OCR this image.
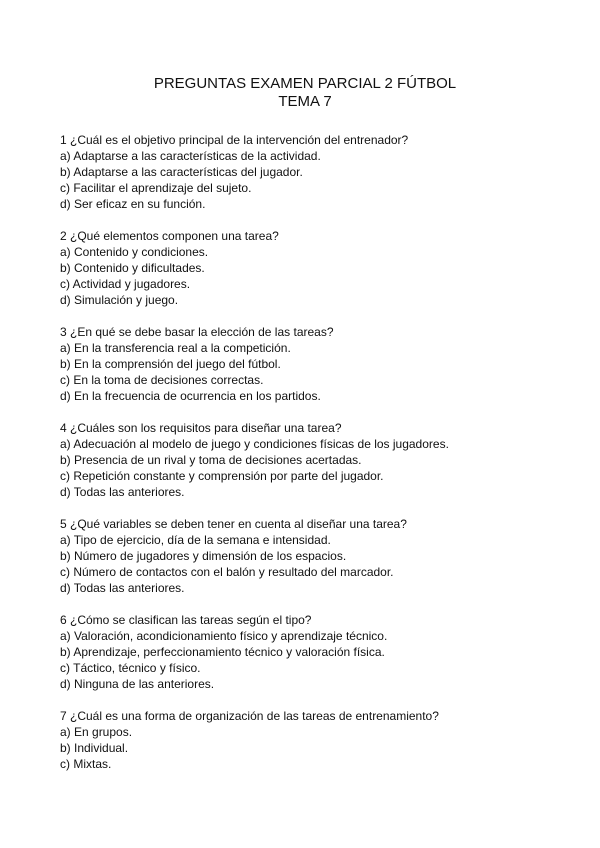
PREGUNTAS EXAMEN PARCIAL 2 FÚTBOL
TEMA 7
1 ¿Cuál es el objetivo principal de la intervención del entrenador?
a) Adaptarse a las características de la actividad.
b) Adaptarse a las características del jugador.
c) Facilitar el aprendizaje del sujeto.
d) Ser eficaz en su función.
2 ¿Qué elementos componen una tarea?
a) Contenido y condiciones.
b) Contenido y dificultades.
c) Actividad y jugadores.
d) Simulación y juego.
3 ¿En qué se debe basar la elección de las tareas?
a) En la transferencia real a la competición.
b) En la comprensión del juego del fútbol.
c) En la toma de decisiones correctas.
d) En la frecuencia de ocurrencia en los partidos.
4 ¿Cuáles son los requisitos para diseñar una tarea?
a) Adecuación al modelo de juego y condiciones físicas de los jugadores.
b) Presencia de un rival y toma de decisiones acertadas.
c) Repetición constante y comprensión por parte del jugador.
d) Todas las anteriores.
5 ¿Qué variables se deben tener en cuenta al diseñar una tarea?
a) Tipo de ejercicio, día de la semana e intensidad.
b) Número de jugadores y dimensión de los espacios.
c) Número de contactos con el balón y resultado del marcador.
d) Todas las anteriores.
6 ¿Cómo se clasifican las tareas según el tipo?
a) Valoración, acondicionamiento físico y aprendizaje técnico.
b) Aprendizaje, perfeccionamiento técnico y valoración física.
c) Táctico, técnico y físico.
d) Ninguna de las anteriores.
7 ¿Cuál es una forma de organización de las tareas de entrenamiento?
a) En grupos.
b) Individual.
c) Mixtas.
